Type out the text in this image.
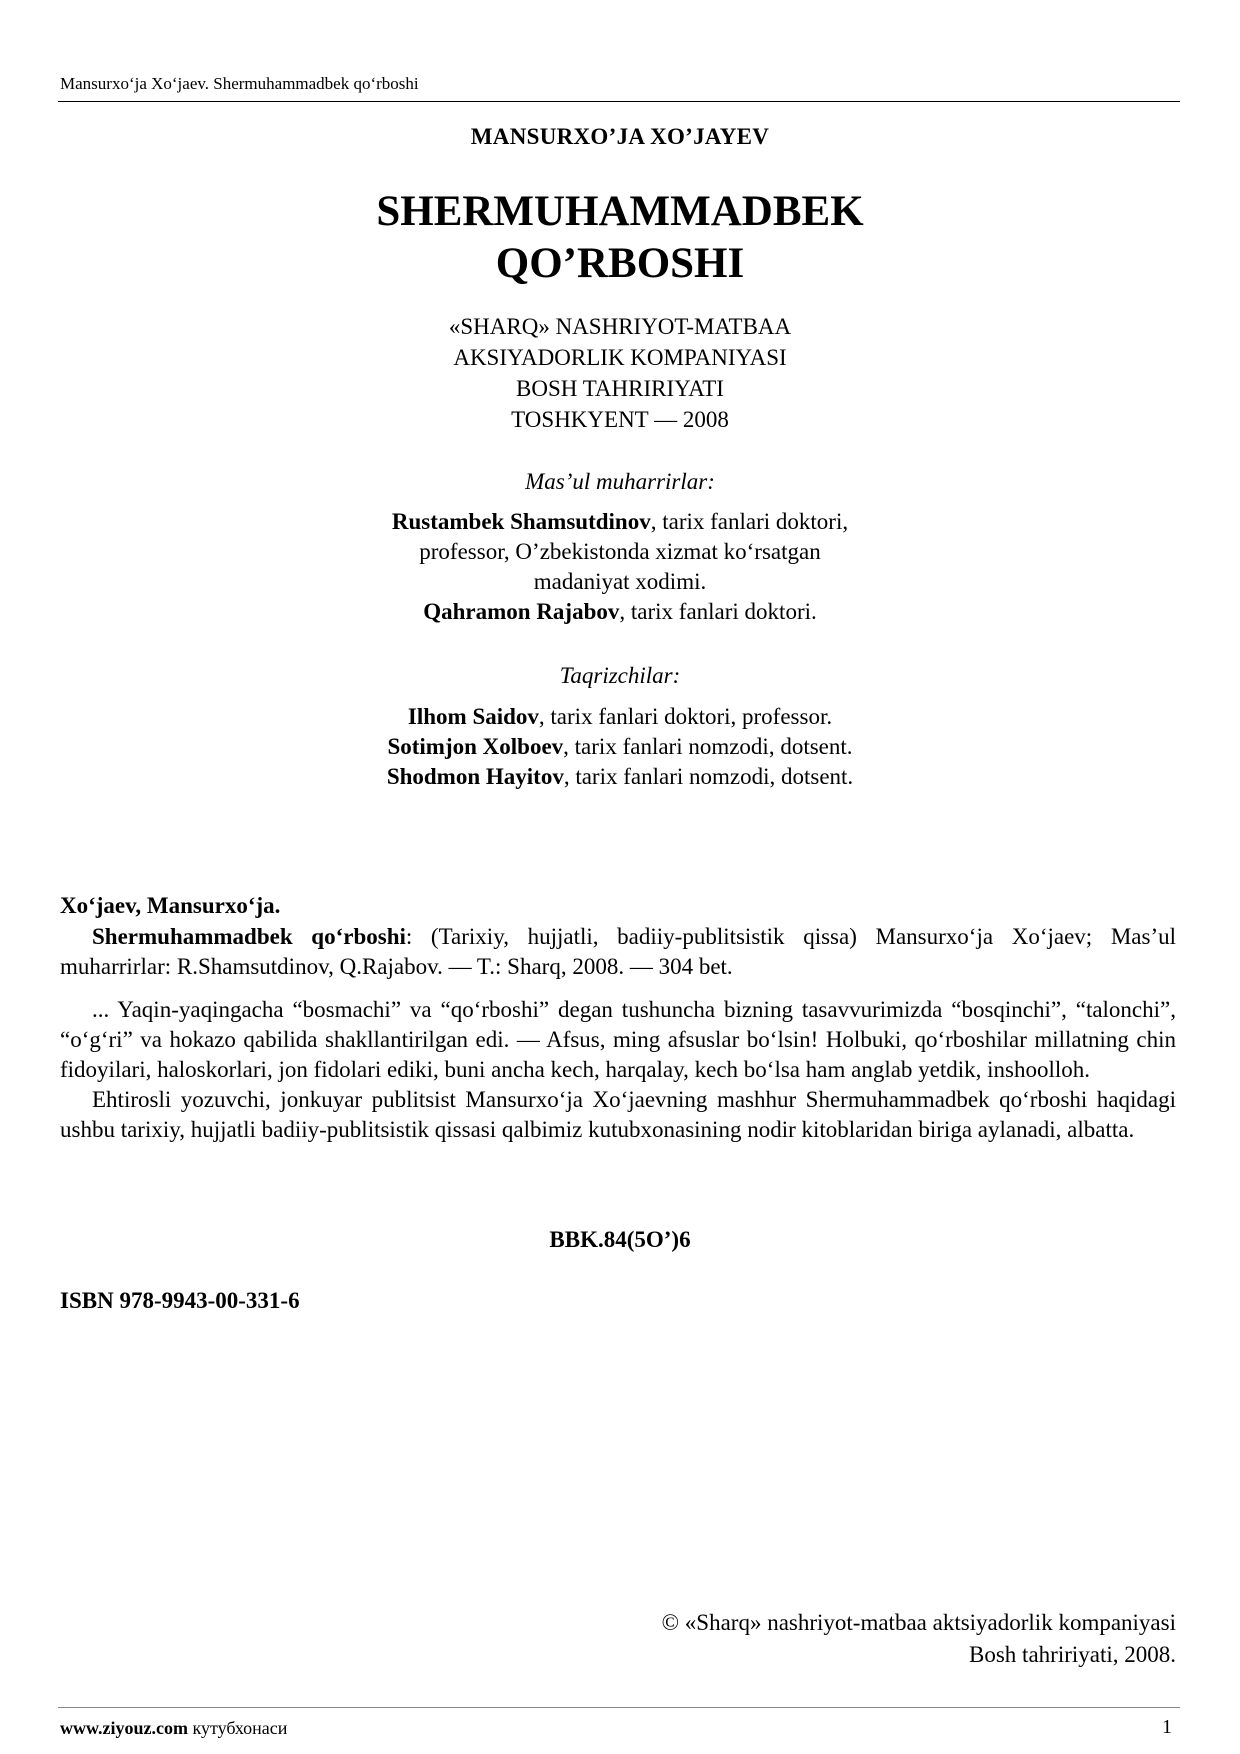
Mansurxo‘ja Xo‘jaev. Shermuhammadbek qo‘rboshi
MANSURXO’JA XO’JAYEV
SHERMUHAMMADBEK
QO’RBOSHI
«SHARQ» NASHRIYOT-MATBAA
AKSIYADORLIK KOMPANIYASI
BOSH TAHRIRIYATI
TOSHKYENT — 2008
Mas’ul muharrirlar:
Rustambek Shamsutdinov, tarix fanlari doktori,
professor, O’zbekistonda xizmat ko‘rsatgan
madaniyat xodimi.
Qahramon Rajabov, tarix fanlari doktori.
Taqrizchilar:
Ilhom Saidov, tarix fanlari doktori, professor.
Sotimjon Xolboev, tarix fanlari nomzodi, dotsent.
Shodmon Hayitov, tarix fanlari nomzodi, dotsent.
Xo‘jaev, Mansurxo‘ja.

Shermuhammadbek qo‘rboshi: (Tarixiy, hujjatli, badiiy-publitsistik qissa) Mansurxo‘ja Xo‘jaev; Mas’ul muharrirlar: R.Shamsutdinov, Q.Rajabov. — T.: Sharq, 2008. — 304 bet.

... Yaqin-yaqingacha “bosmachi” va “qo‘rboshi” degan tushuncha bizning tasavvurimizda “bosqinchi”, “talonchi”, “o‘g‘ri” va hokazo qabilida shakllantirilgan edi. — Afsus, ming afsuslar bo‘lsin! Holbuki, qo‘rboshilar millatning chin fidoyilari, haloskorlari, jon fidolari ediki, buni ancha kech, harqalay, kech bo‘lsa ham anglab yetdik, inshoolloh.

Ehtirosli yozuvchi, jonkuyar publitsist Mansurxo‘ja Xo‘jaevning mashhur Shermuhammadbek qo‘rboshi haqidagi ushbu tarixiy, hujjatli badiiy-publitsistik qissasi qalbimiz kutubxonasining nodir kitoblaridan biriga aylanadi, albatta.

BBK.84(5O’)6
ISBN 978-9943-00-331-6
© «Sharq» nashriyot-matbaa aktsiyadorlik kompaniyasi
Bosh tahririyati, 2008.
www.ziyouz.com кутубхонаси	1
